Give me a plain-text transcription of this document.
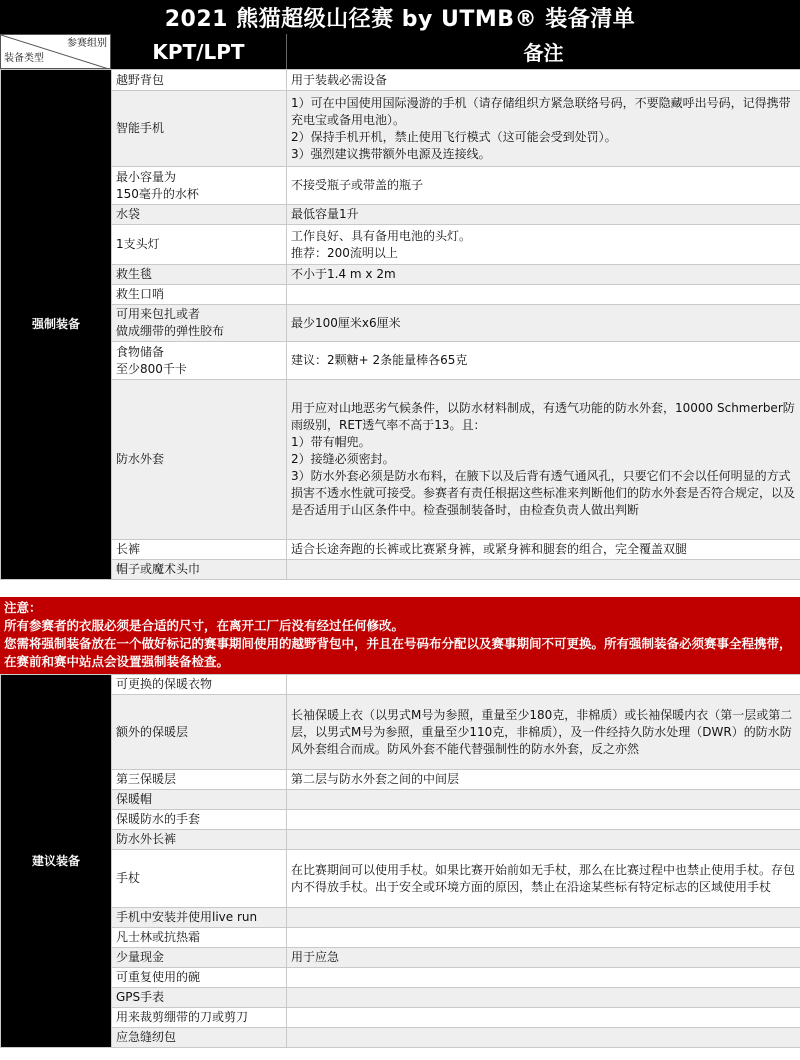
2021 熊猫超级山径赛 by UTMB® 装备清单
参赛组别
装备类型	KPT/LPT	备注
强制装备	越野背包	用于装载必需设备
	智能手机	1）可在中国使用国际漫游的手机（请存储组织方紧急联络号码，不要隐藏呼出号码，记得携带充电宝或备用电池）。
2）保持手机开机，禁止使用飞行模式（这可能会受到处罚）。
3）强烈建议携带额外电源及连接线。
	最小容量为
150毫升的水杯	不接受瓶子或带盖的瓶子
	水袋	最低容量1升
	1支头灯	工作良好、具有备用电池的头灯。
推荐：200流明以上
	救生毯	不小于1.4 m x 2m
	救生口哨	
	可用来包扎或者
做成绷带的弹性胶布	最少100厘米x6厘米
	食物储备
至少800千卡	建议：2颗糖+ 2条能量棒各65克
	防水外套	用于应对山地恶劣气候条件，以防水材料制成，有透气功能的防水外套，10000 Schmerber防雨级别，RET透气率不高于13。且：
1）带有帽兜。
2）接缝必须密封。
3）防水外套必须是防水布料，在腋下以及后背有透气通风孔，只要它们不会以任何明显的方式损害不透水性就可接受。参赛者有责任根据这些标准来判断他们的防水外套是否符合规定，以及是否适用于山区条件中。检查强制装备时，由检查负责人做出判断
	长裤	适合长途奔跑的长裤或比赛紧身裤，或紧身裤和腿套的组合，完全覆盖双腿
	帽子或魔术头巾	

注意：

所有参赛者的衣服必须是合适的尺寸，在离开工厂后没有经过任何修改。

您需将强制装备放在一个做好标记的赛事期间使用的越野背包中，并且在号码布分配以及赛事期间不可更换。所有强制装备必须赛事全程携带，在赛前和赛中站点会设置强制装备检查。

建议装备	可更换的保暖衣物	
	额外的保暖层	长袖保暖上衣（以男式M号为参照，重量至少180克，非棉质）或长袖保暖内衣（第一层或第二层，以男式M号为参照，重量至少110克，非棉质），及一件经持久防水处理（DWR）的防水防风外套组合而成。防风外套不能代替强制性的防水外套，反之亦然
	第三保暖层	第二层与防水外套之间的中间层
	保暖帽	
	保暖防水的手套	
	防水外长裤	
	手杖	在比赛期间可以使用手杖。如果比赛开始前如无手杖，那么在比赛过程中也禁止使用手杖。存包内不得放手杖。出于安全或环境方面的原因，禁止在沿途某些标有特定标志的区域使用手杖
	手机中安装并使用live run	
	凡士林或抗热霜	
	少量现金	用于应急
	可重复使用的碗	
	GPS手表	
	用来裁剪绷带的刀或剪刀	
	应急缝纫包	
